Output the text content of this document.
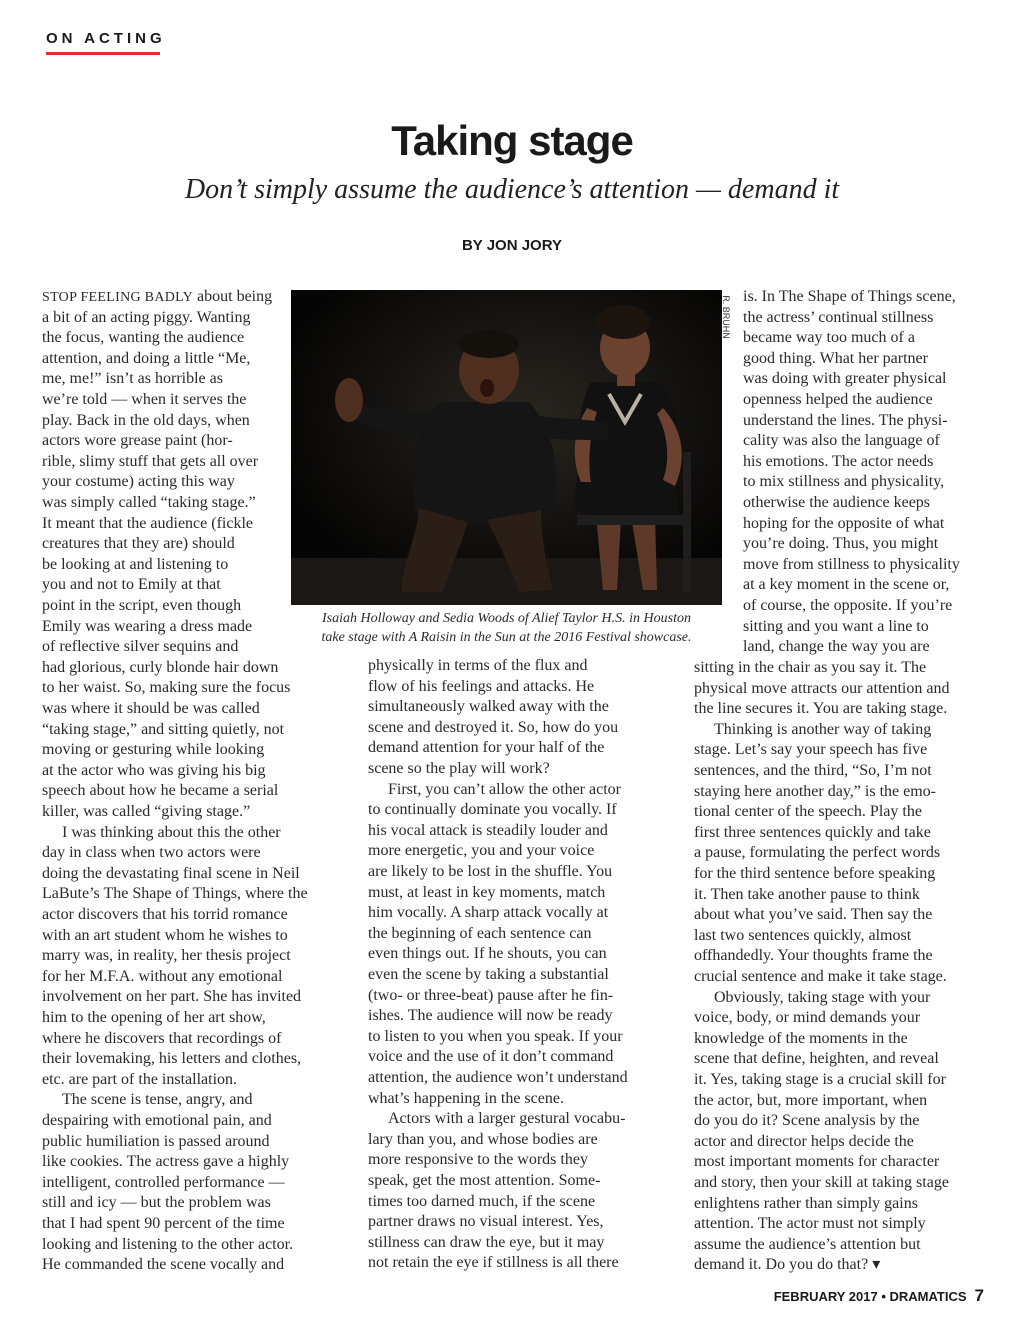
ON ACTING
Taking stage
Don’t simply assume the audience’s attention — demand it
BY JON JORY
R. BRUHN
Isaiah Holloway and Sedia Woods of Alief Taylor H.S. in Houston
take stage with A Raisin in the Sun at the 2016 Festival showcase.
STOP FEELING BADLY about being
FEBRUARY 2017 • DRAMATICS 7
a bit of an acting piggy. Wanting
the focus, wanting the audience
attention, and doing a little “Me,
me, me!” isn’t as horrible as
we’re told — when it serves the
play. Back in the old days, when
actors wore grease paint (hor-
rible, slimy stuff that gets all over
your costume) acting this way
was simply called “taking stage.”
It meant that the audience (fickle
creatures that they are) should
be looking at and listening to
you and not to Emily at that
point in the script, even though
Emily was wearing a dress made
of reflective silver sequins and
had glorious, curly blonde hair down
to her waist. So, making sure the focus
was where it should be was called
“taking stage,” and sitting quietly, not
moving or gesturing while looking
at the actor who was giving his big
speech about how he became a serial
killer, was called “giving stage.”
I was thinking about this the other
day in class when two actors were
doing the devastating final scene in Neil
LaBute’s The Shape of Things, where the
actor discovers that his torrid romance
with an art student whom he wishes to
marry was, in reality, her thesis project
for her M.F.A. without any emotional
involvement on her part. She has invited
him to the opening of her art show,
where he discovers that recordings of
their lovemaking, his letters and clothes,
etc. are part of the installation.
The scene is tense, angry, and
despairing with emotional pain, and
public humiliation is passed around
like cookies. The actress gave a highly
intelligent, controlled performance —
still and icy — but the problem was
that I had spent 90 percent of the time
looking and listening to the other actor.
He commanded the scene vocally and
physically in terms of the flux and
flow of his feelings and attacks. He
simultaneously walked away with the
scene and destroyed it. So, how do you
demand attention for your half of the
scene so the play will work?
First, you can’t allow the other actor
to continually dominate you vocally. If
his vocal attack is steadily louder and
more energetic, you and your voice
are likely to be lost in the shuffle. You
must, at least in key moments, match
him vocally. A sharp attack vocally at
the beginning of each sentence can
even things out. If he shouts, you can
even the scene by taking a substantial
(two- or three-beat) pause after he fin-
ishes. The audience will now be ready
to listen to you when you speak. If your
voice and the use of it don’t command
attention, the audience won’t understand
what’s happening in the scene.
Actors with a larger gestural vocabu-
lary than you, and whose bodies are
more responsive to the words they
speak, get the most attention. Some-
times too darned much, if the scene
partner draws no visual interest. Yes,
stillness can draw the eye, but it may
not retain the eye if stillness is all there
is. In The Shape of Things scene,
the actress’ continual stillness
became way too much of a
good thing. What her partner
was doing with greater physical
openness helped the audience
understand the lines. The physi-
cality was also the language of
his emotions. The actor needs
to mix stillness and physicality,
otherwise the audience keeps
hoping for the opposite of what
you’re doing. Thus, you might
move from stillness to physicality
at a key moment in the scene or,
of course, the opposite. If you’re
sitting and you want a line to
land, change the way you are
sitting in the chair as you say it. The
physical move attracts our attention and
the line secures it. You are taking stage.
Thinking is another way of taking
stage. Let’s say your speech has five
sentences, and the third, “So, I’m not
staying here another day,” is the emo-
tional center of the speech. Play the
first three sentences quickly and take
a pause, formulating the perfect words
for the third sentence before speaking
it. Then take another pause to think
about what you’ve said. Then say the
last two sentences quickly, almost
offhandedly. Your thoughts frame the
crucial sentence and make it take stage.
Obviously, taking stage with your
voice, body, or mind demands your
knowledge of the moments in the
scene that define, heighten, and reveal
it. Yes, taking stage is a crucial skill for
the actor, but, more important, when
do you do it? Scene analysis by the
actor and director helps decide the
most important moments for character
and story, then your skill at taking stage
enlightens rather than simply gains
attention. The actor must not simply
assume the audience’s attention but
demand it. Do you do that? ▾
